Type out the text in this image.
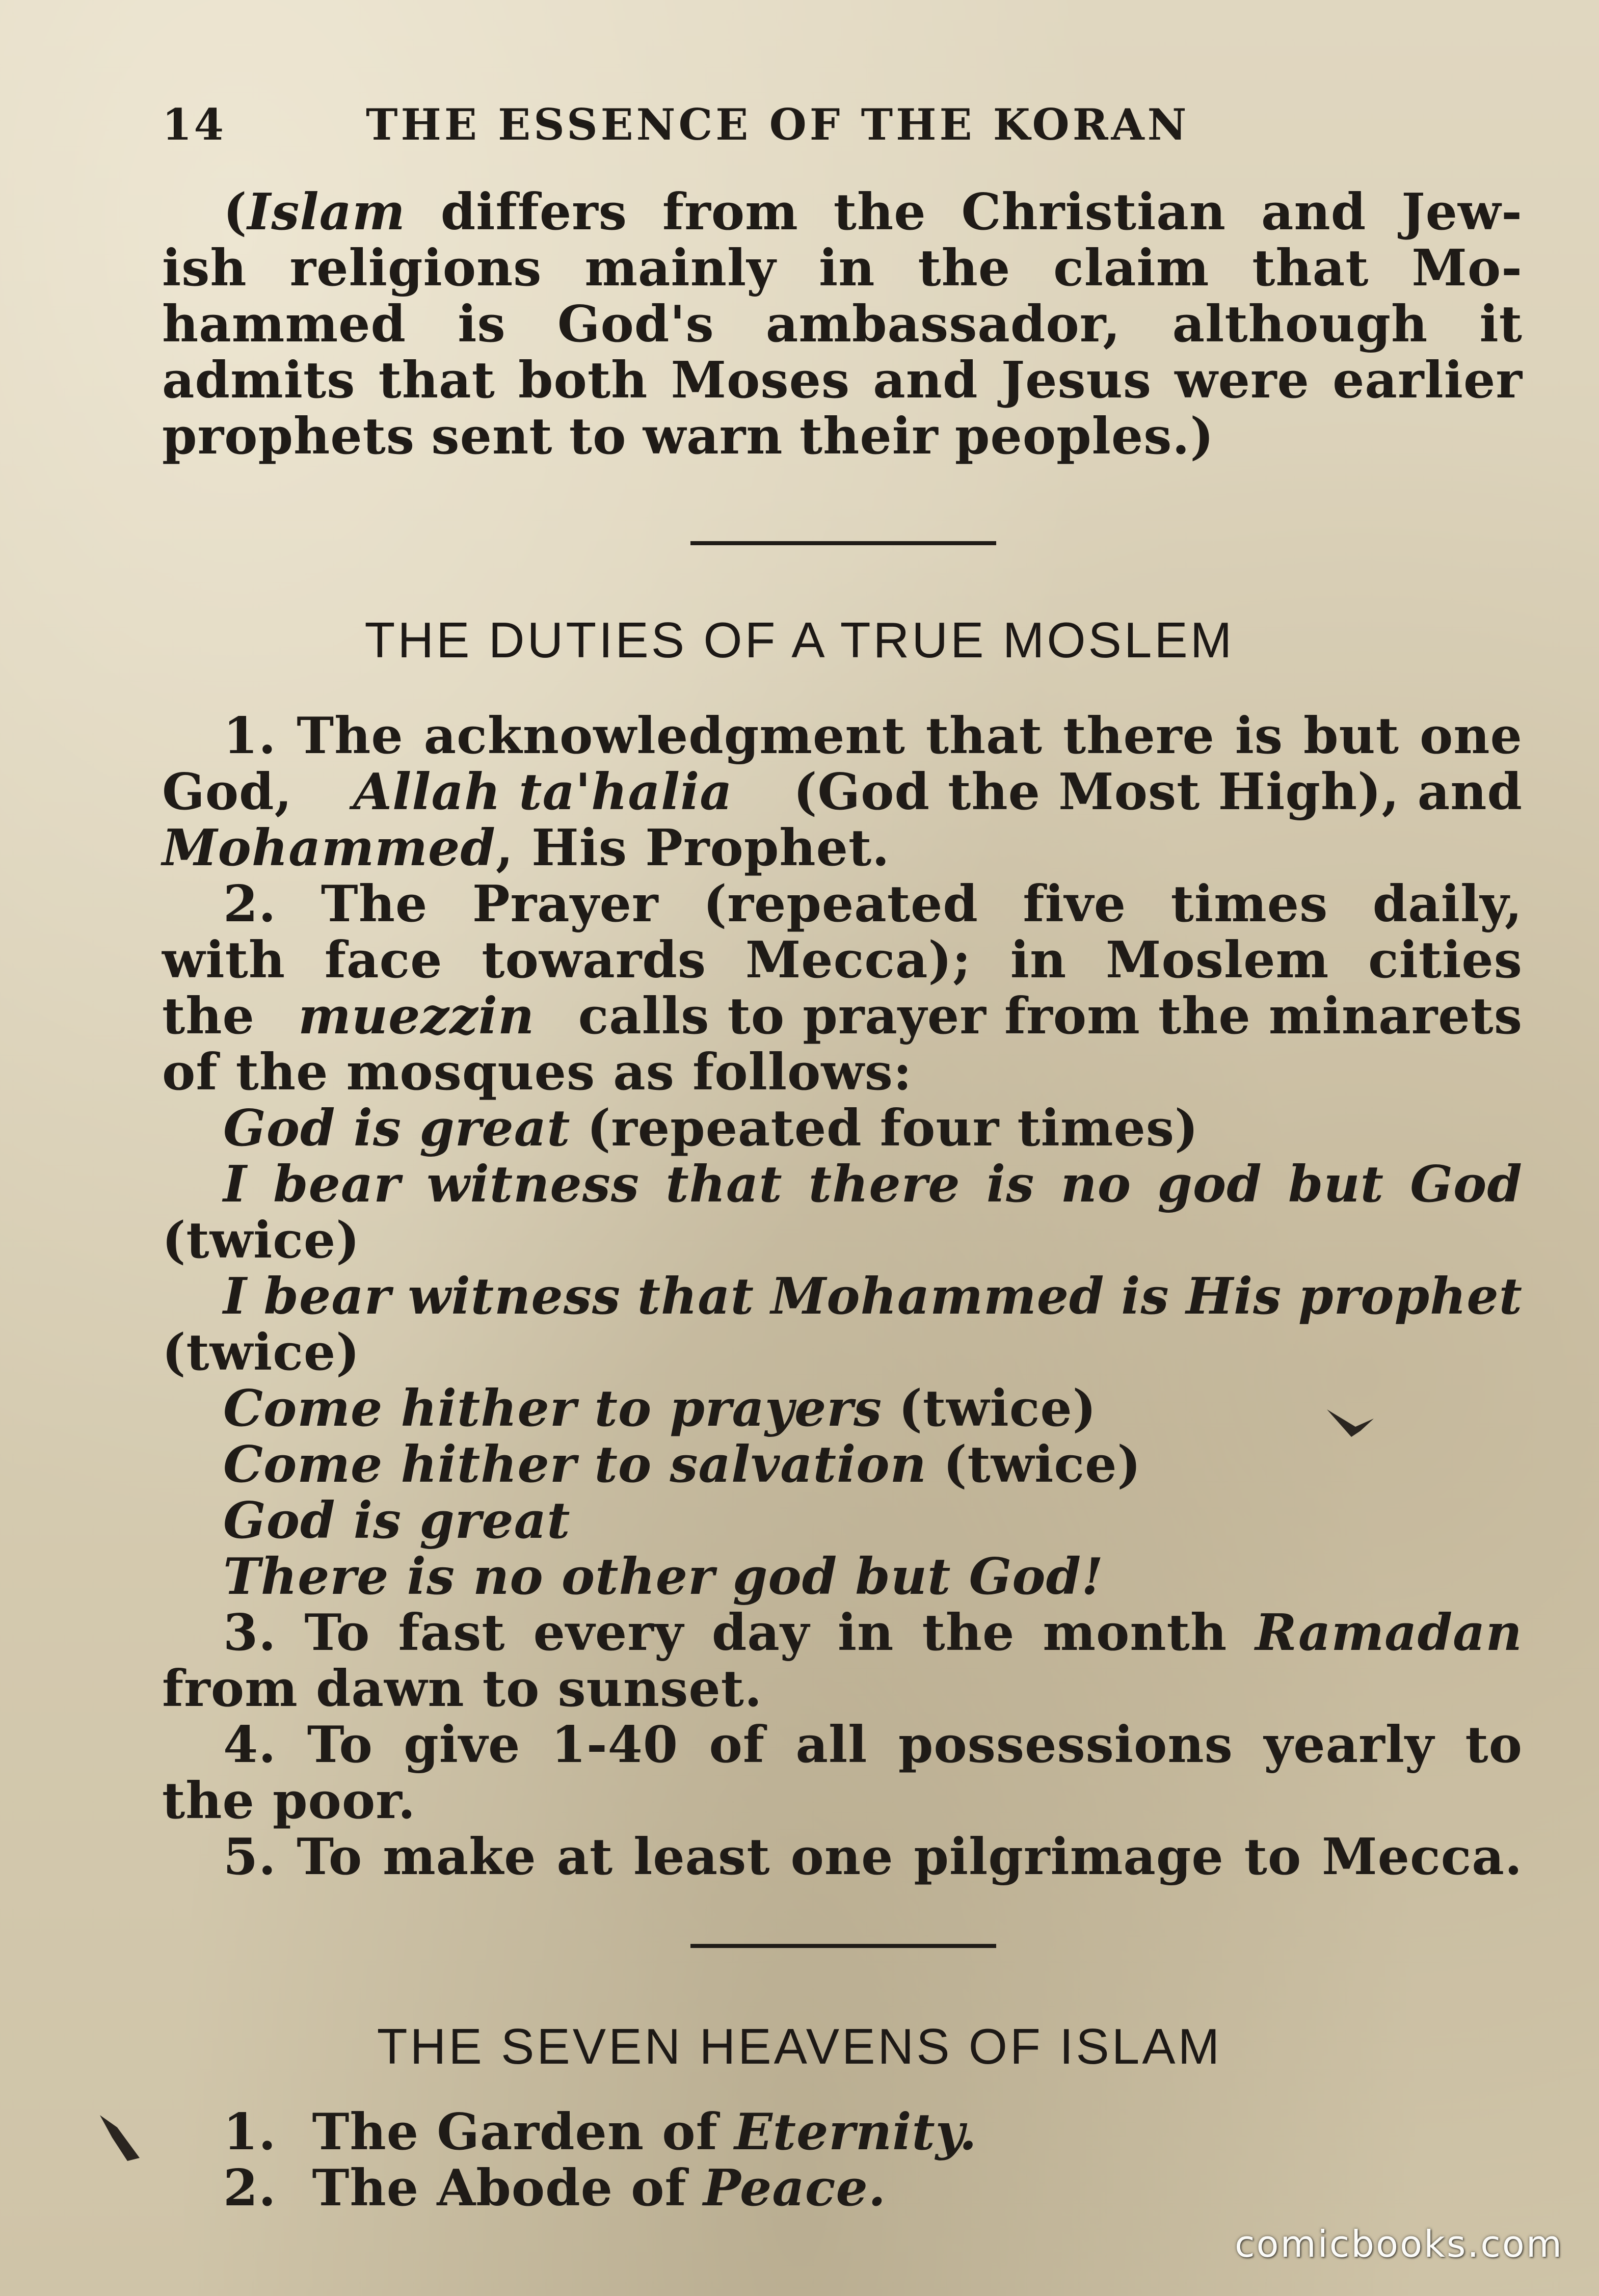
14	THE ESSENCE OF THE KORAN
(Islam differs from the Christian and Jew-
ish religions mainly in the claim that Mo-
hammed is God's ambassador, although it
admits that both Moses and Jesus were earlier
prophets sent to warn their peoples.)
THE DUTIES OF A TRUE MOSLEM
1. The acknowledgment that there is but one
God, Allah ta'halia (God the Most High), and
Mohammed, His Prophet.
2. The Prayer (repeated five times daily,
with face towards Mecca); in Moslem cities
the muezzin calls to prayer from the minarets
of the mosques as follows:
God is great (repeated four times)
I bear witness that there is no god but God
(twice)
I bear witness that Mohammed is His prophet
(twice)
Come hither to prayers (twice)
Come hither to salvation (twice)
God is great
There is no other god but God!
3. To fast every day in the month Ramadan
from dawn to sunset.
4. To give 1-40 of all possessions yearly to
the poor.
5. To make at least one pilgrimage to Mecca.
THE SEVEN HEAVENS OF ISLAM
1.  The Garden of Eternity.
2.  The Abode of Peace.
comicbooks.com
